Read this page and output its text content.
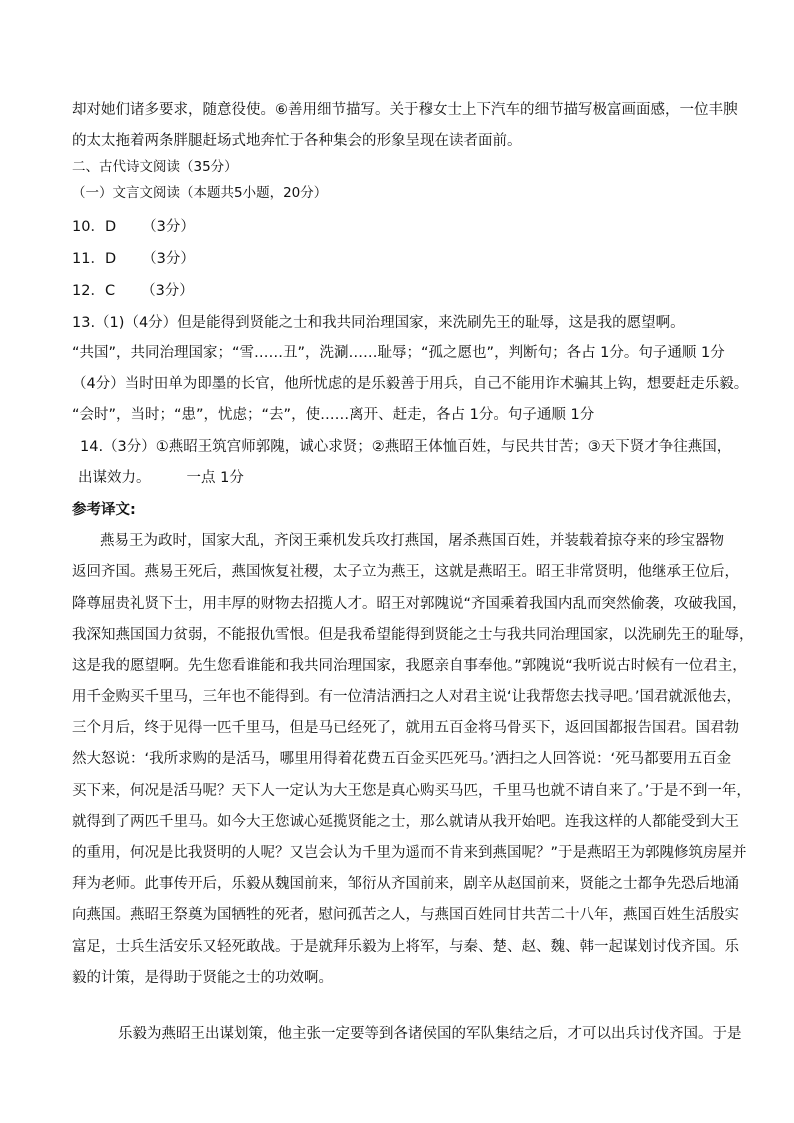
却对她们诸多要求，随意役使。⑥善用细节描写。关于穆女士上下汽车的细节描写极富画面感，一位丰腴
的太太拖着两条胖腿赶场式地奔忙于各种集会的形象呈现在读者面前。
二、古代诗文阅读（35分）
（一）文言文阅读（本题共5小题，20分）
10．D （3分）
11．D （3分）
12．C （3分）
13.（1)（4分）但是能得到贤能之士和我共同治理国家，来洗刷先王的耻辱，这是我的愿望啊。
“共国”，共同治理国家；“雪……丑”，洗涮……耻辱；“孤之愿也”，判断句；各占 1分。句子通顺 1分
（4分）当时田单为即墨的长官，他所忧虑的是乐毅善于用兵，自己不能用诈术骗其上钩，想要赶走乐毅。
“会时”，当时；“患”，忧虑；“去”，使……离开、赶走，各占 1分。句子通顺 1分
14.（3分）①燕昭王筑宫师郭隗，诚心求贤；②燕昭王体恤百姓，与民共甘苦；③天下贤才争往燕国，
出谋效力。 一点 1分
参考译文:
燕易王为政时，国家大乱，齐闵王乘机发兵攻打燕国，屠杀燕国百姓，并装载着掠夺来的珍宝器物
返回齐国。燕易王死后，燕国恢复社稷，太子立为燕王，这就是燕昭王。昭王非常贤明，他继承王位后，
降尊屈贵礼贤下士，用丰厚的财物去招揽人才。昭王对郭隗说“齐国乘着我国内乱而突然偷袭，攻破我国，
我深知燕国国力贫弱，不能报仇雪恨。但是我希望能得到贤能之士与我共同治理国家，以洗刷先王的耻辱，
这是我的愿望啊。先生您看谁能和我共同治理国家，我愿亲自事奉他。”郭隗说“我听说古时候有一位君主，
用千金购买千里马，三年也不能得到。有一位清洁洒扫之人对君主说‘让我帮您去找寻吧。’国君就派他去，
三个月后，终于见得一匹千里马，但是马已经死了，就用五百金将马骨买下，返回国都报告国君。国君勃
然大怒说：‘我所求购的是活马，哪里用得着花费五百金买匹死马。’洒扫之人回答说：‘死马都要用五百金
买下来，何况是活马呢？天下人一定认为大王您是真心购买马匹，千里马也就不请自来了。’于是不到一年，
就得到了两匹千里马。如今大王您诚心延揽贤能之士，那么就请从我开始吧。连我这样的人都能受到大王
的重用，何况是比我贤明的人呢？又岂会认为千里为遥而不肯来到燕国呢？”于是燕昭王为郭隗修筑房屋并
拜为老师。此事传开后，乐毅从魏国前来，邹衍从齐国前来，剧辛从赵国前来，贤能之士都争先恐后地涌
向燕国。燕昭王祭奠为国牺牲的死者，慰问孤苦之人，与燕国百姓同甘共苦二十八年，燕国百姓生活殷实
富足，士兵生活安乐又轻死敢战。于是就拜乐毅为上将军，与秦、楚、赵、魏、韩一起谋划讨伐齐国。乐
毅的计策，是得助于贤能之士的功效啊。
乐毅为燕昭王出谋划策，他主张一定要等到各诸侯国的军队集结之后，才可以出兵讨伐齐国。于是
